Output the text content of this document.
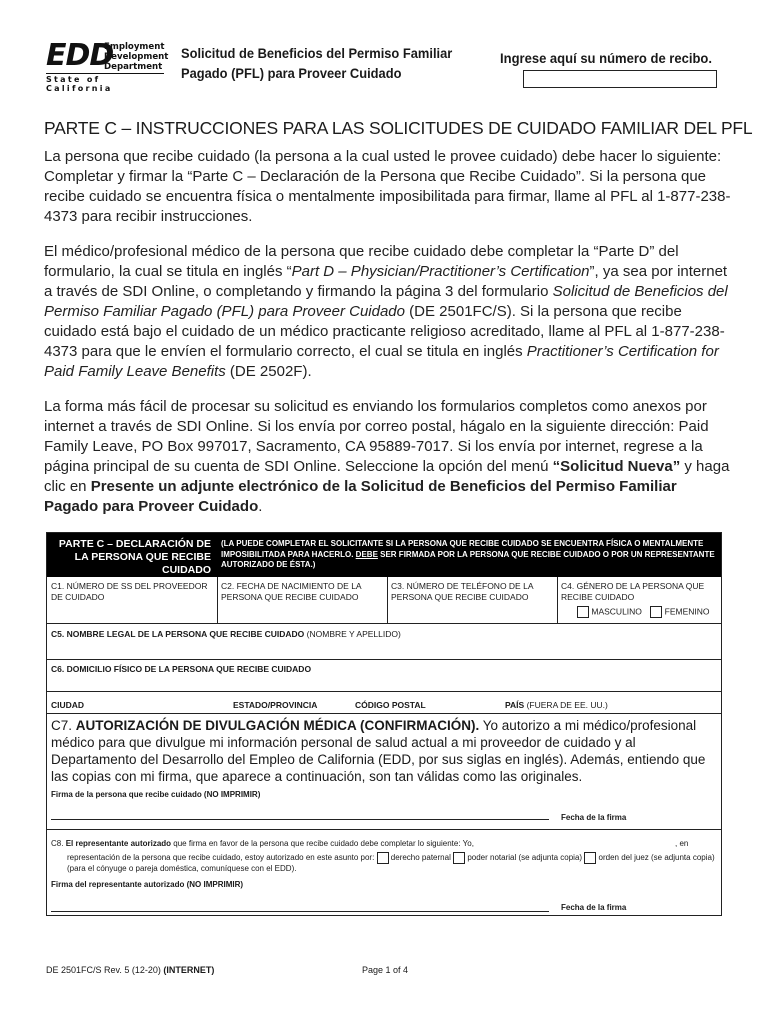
EDD
Employment
Development
Department
State of California
Solicitud de Beneficios del Permiso Familiar
Pagado (PFL) para Proveer Cuidado
Ingrese aquí su número de recibo.
PARTE C – INSTRUCCIONES PARA LAS SOLICITUDES DE CUIDADO FAMILIAR DEL PFL

La persona que recibe cuidado (la persona a la cual usted le provee cuidado) debe hacer lo siguiente: Completar y firmar la “Parte C – Declaración de la Persona que Recibe Cuidado”. Si la persona que recibe cuidado se encuentra física o mentalmente imposibilitada para firmar, llame al PFL al 1-877-238-4373 para recibir instrucciones.

El médico/profesional médico de la persona que recibe cuidado debe completar la “Parte D” del formulario, la cual se titula en inglés “Part D – Physician/Practitioner’s Certification”, ya sea por internet a través de SDI Online, o completando y firmando la página 3 del formulario Solicitud de Beneficios del Permiso Familiar Pagado (PFL) para Proveer Cuidado (DE 2501FC/S). Si la persona que recibe cuidado está bajo el cuidado de un médico practicante religioso acreditado, llame al PFL al 1-877-238-4373 para que le envíen el formulario correcto, el cual se titula en inglés Practitioner’s Certification for Paid Family Leave Benefits (DE 2502F).

La forma más fácil de procesar su solicitud es enviando los formularios completos como anexos por internet a través de SDI Online. Si los envía por correo postal, hágalo en la siguiente dirección: Paid Family Leave, PO Box 997017, Sacramento, CA 95889-7017. Si los envía por internet, regrese a la página principal de su cuenta de SDI Online. Seleccione la opción del menú “Solicitud Nueva” y haga clic en Presente un adjunte electrónico de la Solicitud de Beneficios del Permiso Familiar Pagado para Proveer Cuidado.

PARTE C – DECLARACIÓN DE LA PERSONA QUE RECIBE CUIDADO
(LA PUEDE COMPLETAR EL SOLICITANTE SI LA PERSONA QUE RECIBE CUIDADO SE ENCUENTRA FÍSICA O MENTALMENTE IMPOSIBILITADA PARA HACERLO. DEBE SER FIRMADA POR LA PERSONA QUE RECIBE CUIDADO O POR UN REPRESENTANTE AUTORIZADO DE ÉSTA.)
C1. NÚMERO DE SS DEL PROVEEDOR DE CUIDADO
C2. FECHA DE NACIMIENTO DE LA PERSONA QUE RECIBE CUIDADO
C3. NÚMERO DE TELÉFONO DE LA PERSONA QUE RECIBE CUIDADO
C4. GÉNERO DE LA PERSONA QUE RECIBE CUIDADO
MASCULINO	FEMENINO
C5. NOMBRE LEGAL DE LA PERSONA QUE RECIBE CUIDADO (NOMBRE Y APELLIDO)
C6. DOMICILIO FÍSICO DE LA PERSONA QUE RECIBE CUIDADO
CIUDAD	ESTADO/PROVINCIA	CÓDIGO POSTAL	PAÍS (FUERA DE EE. UU.)
C7. AUTORIZACIÓN DE DIVULGACIÓN MÉDICA (CONFIRMACIÓN). Yo autorizo a mi médico/profesional médico para que divulgue mi información personal de salud actual a mi proveedor de cuidado y al Departamento del Desarrollo del Empleo de California (EDD, por sus siglas en inglés). Además, entiendo que las copias con mi firma, que aparece a continuación, son tan válidas como las originales.
Firma de la persona que recibe cuidado (NO IMPRIMIR)
Fecha de la firma
C8. El representante autorizado que firma en favor de la persona que recibe cuidado debe completar lo siguiente: Yo,	, en
representación de la persona que recibe cuidado, estoy autorizado en este asunto por: derecho paternal poder notarial (se adjunta copia) orden del juez (se adjunta copia) (para el cónyuge o pareja doméstica, comuníquese con el EDD).
Firma del representante autorizado (NO IMPRIMIR)
Fecha de la firma
DE 2501FC/S Rev. 5 (12-20) (INTERNET)	Page 1 of 4
